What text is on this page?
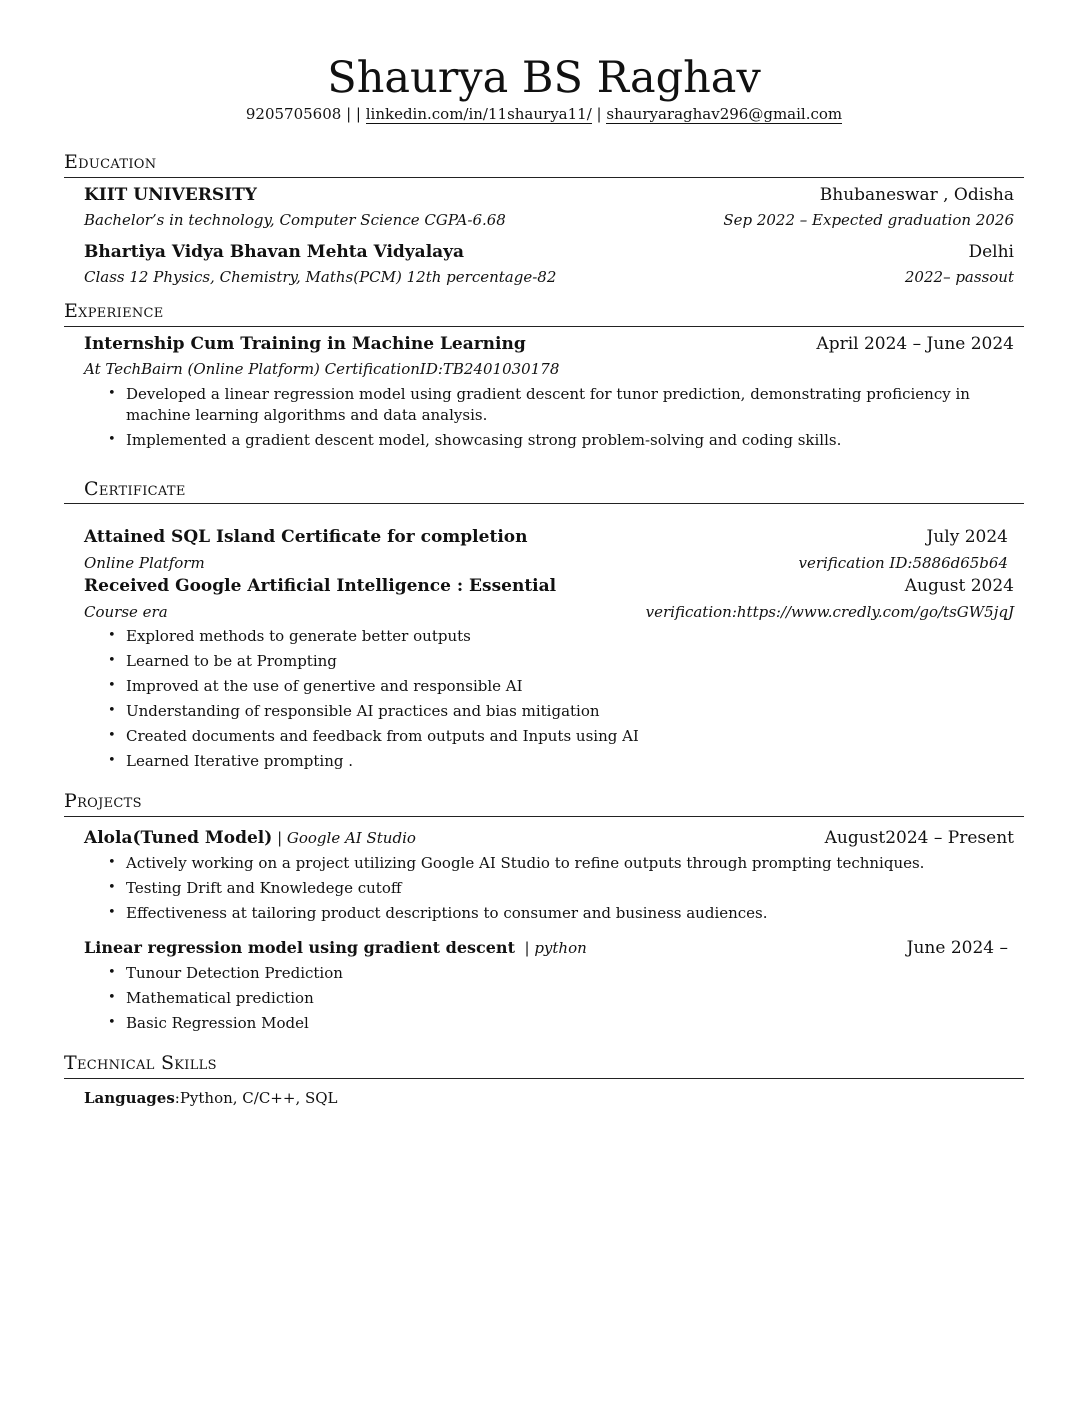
Shaurya BS Raghav
9205705608 | | linkedin.com/in/11shaurya11/ | shauryaraghav296@gmail.com
Education
KIIT UNIVERSITY	Bhubaneswar , Odisha
Bachelor’s in technology, Computer Science CGPA-6.68	Sep 2022 – Expected graduation 2026
Bhartiya Vidya Bhavan Mehta Vidyalaya	Delhi
Class 12 Physics, Chemistry, Maths(PCM) 12th percentage-82	2022– passout
Experience
Internship Cum Training in Machine Learning	April 2024 – June 2024
At TechBairn (Online Platform) CertificationID:TB2401030178
• Developed a linear regression model using gradient descent for tunor prediction, demonstrating proficiency in
machine learning algorithms and data analysis.
• Implemented a gradient descent model, showcasing strong problem-solving and coding skills.
Certificate
Attained SQL Island Certificate for completion	July 2024
Online Platform	verification ID:5886d65b64
Received Google Artificial Intelligence : Essential	August 2024
Course era	verification:https://www.credly.com/go/tsGW5jqJ
• Explored methods to generate better outputs
• Learned to be at Prompting
• Improved at the use of genertive and responsible AI
• Understanding of responsible AI practices and bias mitigation
• Created documents and feedback from outputs and Inputs using AI
• Learned Iterative prompting .
Projects
Alola(Tuned Model) | Google AI Studio	August2024 – Present
• Actively working on a project utilizing Google AI Studio to refine outputs through prompting techniques.
• Testing Drift and Knowledege cutoff
• Effectiveness at tailoring product descriptions to consumer and business audiences.
Linear regression model using gradient descent  | python	June 2024 –
• Tunour Detection Prediction
• Mathematical prediction
• Basic Regression Model
Technical Skills
Languages:Python, C/C++, SQL
